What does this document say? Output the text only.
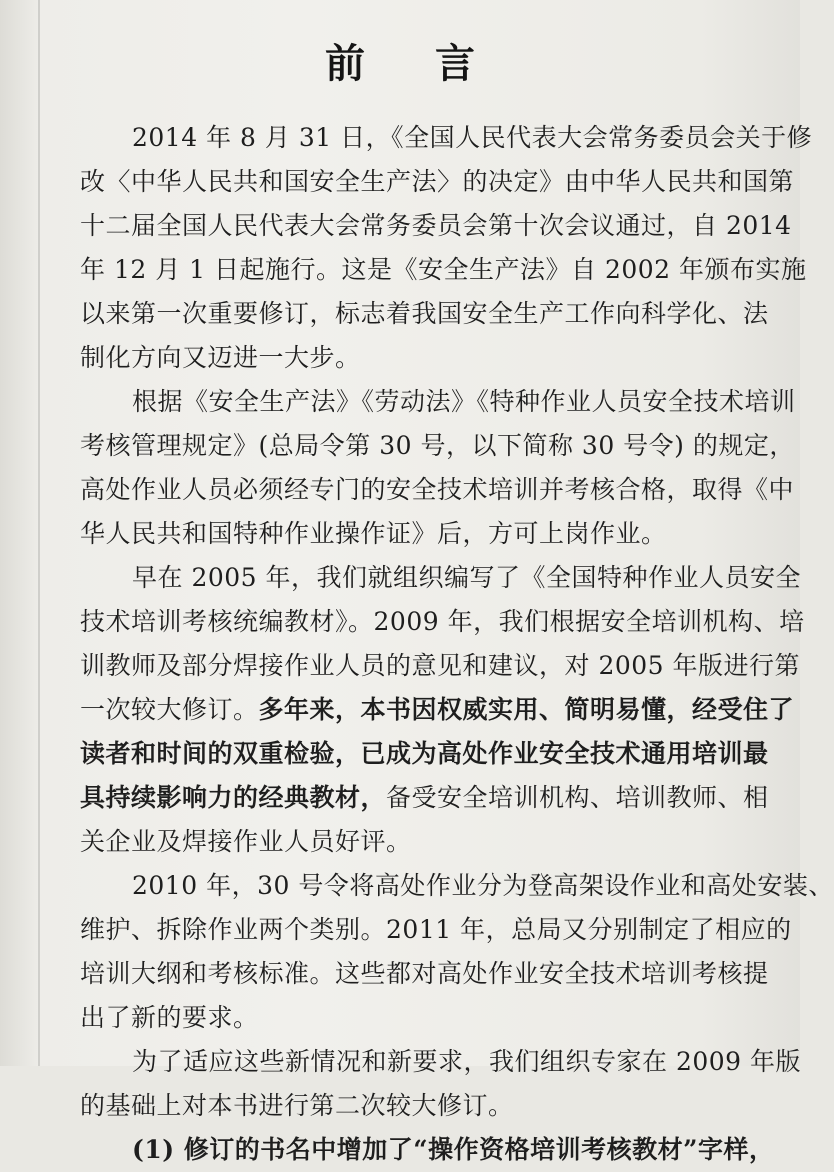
前 言
2014 年 8 月 31 日，《全国人民代表大会常务委员会关于修
改〈中华人民共和国安全生产法〉的决定》由中华人民共和国第
十二届全国人民代表大会常务委员会第十次会议通过，自 2014
年 12 月 1 日起施行。这是《安全生产法》自 2002 年颁布实施
以来第一次重要修订，标志着我国安全生产工作向科学化、法
制化方向又迈进一大步。
根据《安全生产法》《劳动法》《特种作业人员安全技术培训
考核管理规定》(总局令第 30 号，以下简称 30 号令) 的规定，
高处作业人员必须经专门的安全技术培训并考核合格，取得《中
华人民共和国特种作业操作证》后，方可上岗作业。
早在 2005 年，我们就组织编写了《全国特种作业人员安全
技术培训考核统编教材》。2009 年，我们根据安全培训机构、培
训教师及部分焊接作业人员的意见和建议，对 2005 年版进行第
一次较大修订。多年来，本书因权威实用、简明易懂，经受住了
读者和时间的双重检验，已成为高处作业安全技术通用培训最
具持续影响力的经典教材，备受安全培训机构、培训教师、相
关企业及焊接作业人员好评。
2010 年，30 号令将高处作业分为登高架设作业和高处安装、
维护、拆除作业两个类别。2011 年，总局又分别制定了相应的
培训大纲和考核标准。这些都对高处作业安全技术培训考核提
出了新的要求。
为了适应这些新情况和新要求，我们组织专家在 2009 年版
的基础上对本书进行第二次较大修订。
(1) 修订的书名中增加了“操作资格培训考核教材”字样，
